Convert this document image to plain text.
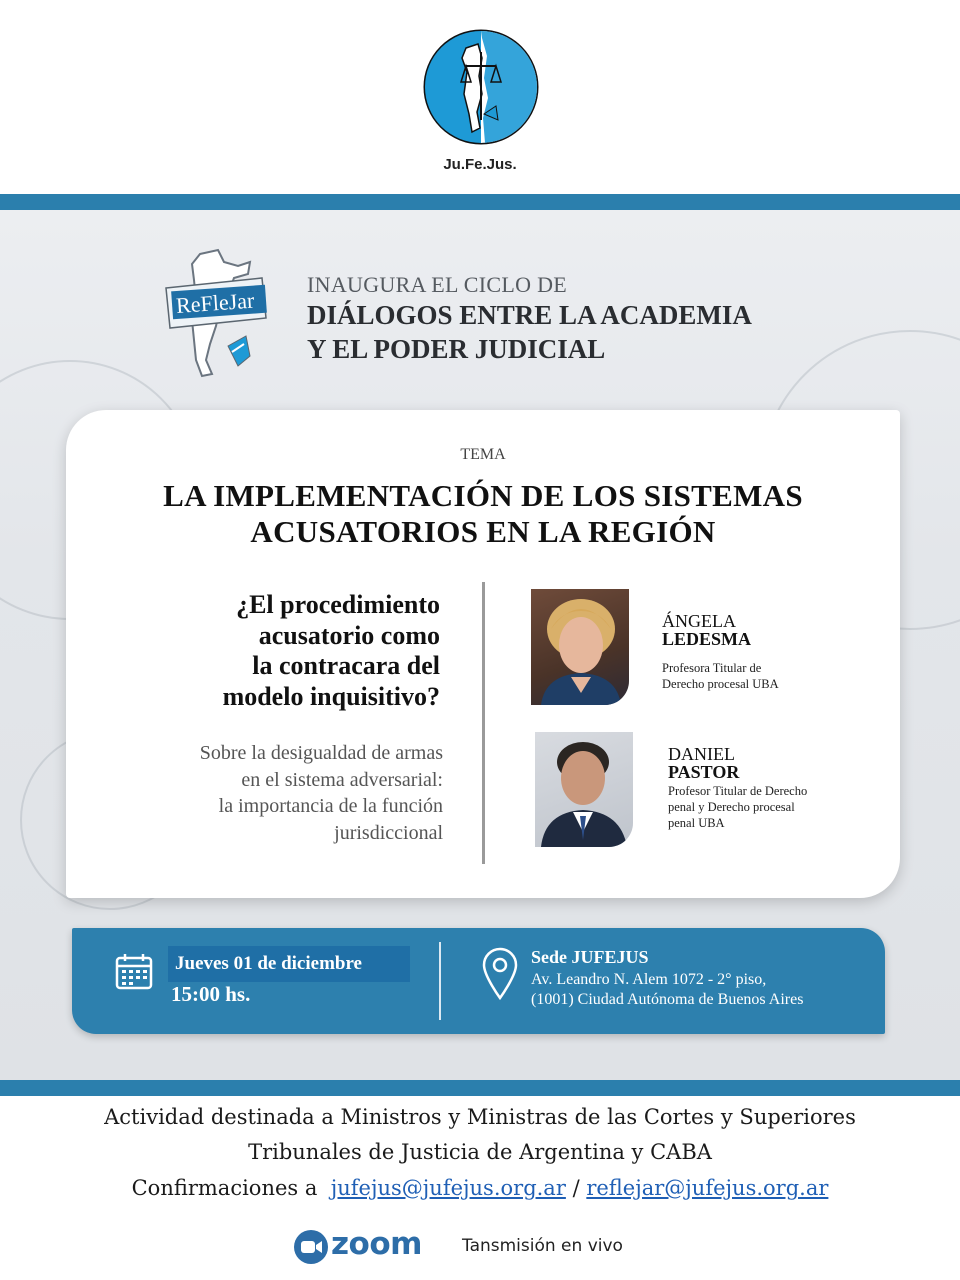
Ju.Fe.Jus.
ReFleJar
INAUGURA EL CICLO DE
DIÁLOGOS ENTRE LA ACADEMIA
Y EL PODER JUDICIAL
TEMA
LA IMPLEMENTACIÓN DE LOS SISTEMAS
ACUSATORIOS EN LA REGIÓN
¿El procedimiento
acusatorio como
la contracara del
modelo inquisitivo?
Sobre la desigualdad de armas
en el sistema adversarial:
la importancia de la función
jurisdiccional
ÁNGELA
LEDESMA
Profesora Titular de
Derecho procesal UBA
DANIEL
PASTOR
Profesor Titular de Derecho
penal y Derecho procesal
penal UBA
Jueves 01 de diciembre
15:00 hs.
Sede JUFEJUS
Av. Leandro N. Alem 1072 - 2° piso,
(1001) Ciudad Autónoma de Buenos Aires
Actividad destinada a Ministros y Ministras de las Cortes y Superiores
Tribunales de Justicia de Argentina y CABA
Confirmaciones a jufejus@jufejus.org.ar / reflejar@jufejus.org.ar
zoom Tansmisión en vivo
